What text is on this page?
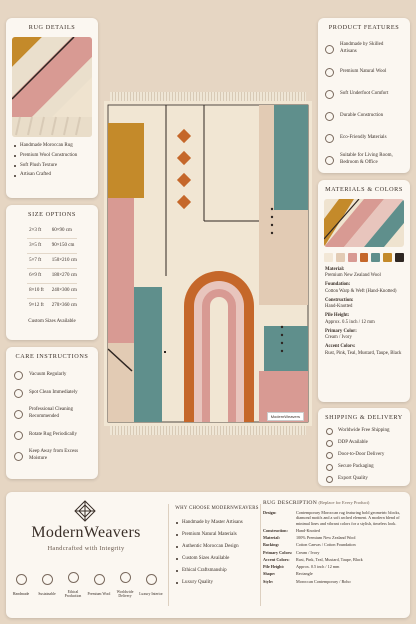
RUG DETAILS
Handmade Moroccan Rug
Premium Wool Construction
Soft Plush Texture
Artisan Crafted
SIZE OPTIONS
2×3 ft	60×90 cm
3×5 ft	90×150 cm
5×7 ft	150×210 cm
6×9 ft	180×270 cm
8×10 ft	240×300 cm
9×12 ft	270×360 cm
Custom Sizes Available
CARE INSTRUCTIONS
Vacuum Regularly
Spot Clean Immediately
Professional Cleaning Recommended
Rotate Rug Periodically
Keep Away from Excess Moisture
ModernWeavers
PRODUCT FEATURES
Handmade by Skilled Artisans
Premium Natural Wool
Soft Underfoot Comfort
Durable Construction
Eco-Friendly Materials
Suitable for Living Room, Bedroom & Office
MATERIALS & COLORS
Material:
Premium New Zealand Wool
Foundation:
Cotton Warp & Weft (Hand-Knotted)
Construction:
Hand-Knotted
Pile Height:
Approx. 0.5 inch / 12 mm
Primary Color:
Cream / Ivory
Accent Colors:
Rust, Pink, Teal, Mustard, Taupe, Black
SHIPPING & DELIVERY
Worldwide Free Shipping
DDP Available
Door-to-Door Delivery
Secure Packaging
Export Quality
ModernWeavers
Handcrafted with Integrity
Handmade	Sustainable	Ethical Production	Premium Wool	Worldwide Delivery	Luxury Interior
WHY CHOOSE MODERNWEAVERS
Handmade by Master Artisans
Premium Natural Materials
Authentic Moroccan Design
Custom Sizes Available
Ethical Craftsmanship
Luxury Quality
RUG DESCRIPTION (Replace for Every Product)
Design:	Contemporary Moroccan rug featuring bold geometric blocks, diamond motifs and a soft arched element. A modern blend of minimal lines and vibrant colors for a stylish, timeless look.
Construction:	Hand-Knotted
Material:	100% Premium New Zealand Wool
Backing:	Cotton Canvas / Cotton Foundation
Primary Colors:	Cream / Ivory
Accent Colors:	Rust, Pink, Teal, Mustard, Taupe, Black
Pile Height:	Approx. 0.5 inch / 12 mm
Shape:	Rectangle
Style:	Moroccan Contemporary / Boho
